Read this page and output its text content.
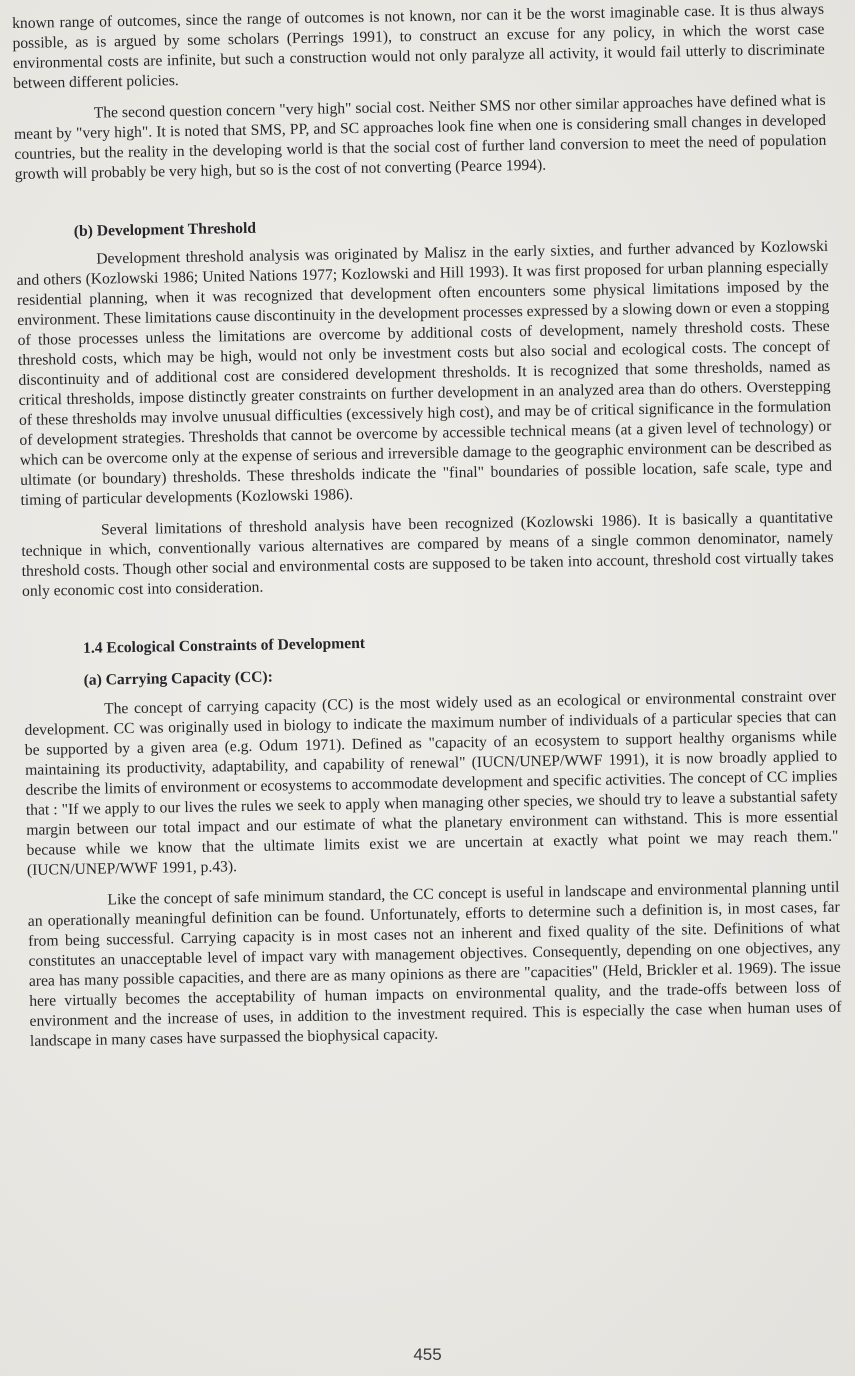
known range of outcomes, since the range of outcomes is not known, nor can it be the worst imaginable case. It is thus always possible, as is argued by some scholars (Perrings 1991), to construct an excuse for any policy, in which the worst case environmental costs are infinite, but such a construction would not only paralyze all activity, it would fail utterly to discriminate between different policies.

The second question concern "very high" social cost. Neither SMS nor other similar approaches have defined what is meant by "very high". It is noted that SMS, PP, and SC approaches look fine when one is considering small changes in developed countries, but the reality in the developing world is that the social cost of further land conversion to meet the need of population growth will probably be very high, but so is the cost of not converting (Pearce 1994).

(b) Development Threshold

Development threshold analysis was originated by Malisz in the early sixties, and further advanced by Kozlowski and others (Kozlowski 1986; United Nations 1977; Kozlowski and Hill 1993). It was first proposed for urban planning especially residential planning, when it was recognized that development often encounters some physical limitations imposed by the environment. These limitations cause discontinuity in the development processes expressed by a slowing down or even a stopping of those processes unless the limitations are overcome by additional costs of development, namely threshold costs. These threshold costs, which may be high, would not only be investment costs but also social and ecological costs. The concept of discontinuity and of additional cost are considered development thresholds. It is recognized that some thresholds, named as critical thresholds, impose distinctly greater constraints on further development in an analyzed area than do others. Overstepping of these thresholds may involve unusual difficulties (excessively high cost), and may be of critical significance in the formulation of development strategies. Thresholds that cannot be overcome by accessible technical means (at a given level of technology) or which can be overcome only at the expense of serious and irreversible damage to the geographic environment can be described as ultimate (or boundary) thresholds. These thresholds indicate the "final" boundaries of possible location, safe scale, type and timing of particular developments (Kozlowski 1986).

Several limitations of threshold analysis have been recognized (Kozlowski 1986). It is basically a quantitative technique in which, conventionally various alternatives are compared by means of a single common denominator, namely threshold costs. Though other social and environmental costs are supposed to be taken into account, threshold cost virtually takes only economic cost into consideration.

1.4 Ecological Constraints of Development
(a) Carrying Capacity (CC):

The concept of carrying capacity (CC) is the most widely used as an ecological or environmental constraint over development. CC was originally used in biology to indicate the maximum number of individuals of a particular species that can be supported by a given area (e.g. Odum 1971). Defined as "capacity of an ecosystem to support healthy organisms while maintaining its productivity, adaptability, and capability of renewal" (IUCN/UNEP/WWF 1991), it is now broadly applied to describe the limits of environment or ecosystems to accommodate development and specific activities. The concept of CC implies that : "If we apply to our lives the rules we seek to apply when managing other species, we should try to leave a substantial safety margin between our total impact and our estimate of what the planetary environment can withstand. This is more essential because while we know that the ultimate limits exist we are uncertain at exactly what point we may reach them." (IUCN/UNEP/WWF 1991, p.43).

Like the concept of safe minimum standard, the CC concept is useful in landscape and environmental planning until an operationally meaningful definition can be found. Unfortunately, efforts to determine such a definition is, in most cases, far from being successful. Carrying capacity is in most cases not an inherent and fixed quality of the site. Definitions of what constitutes an unacceptable level of impact vary with management objectives. Consequently, depending on one objectives, any area has many possible capacities, and there are as many opinions as there are "capacities" (Held, Brickler et al. 1969). The issue here virtually becomes the acceptability of human impacts on environmental quality, and the trade-offs between loss of environment and the increase of uses, in addition to the investment required. This is especially the case when human uses of landscape in many cases have surpassed the biophysical capacity.

455
